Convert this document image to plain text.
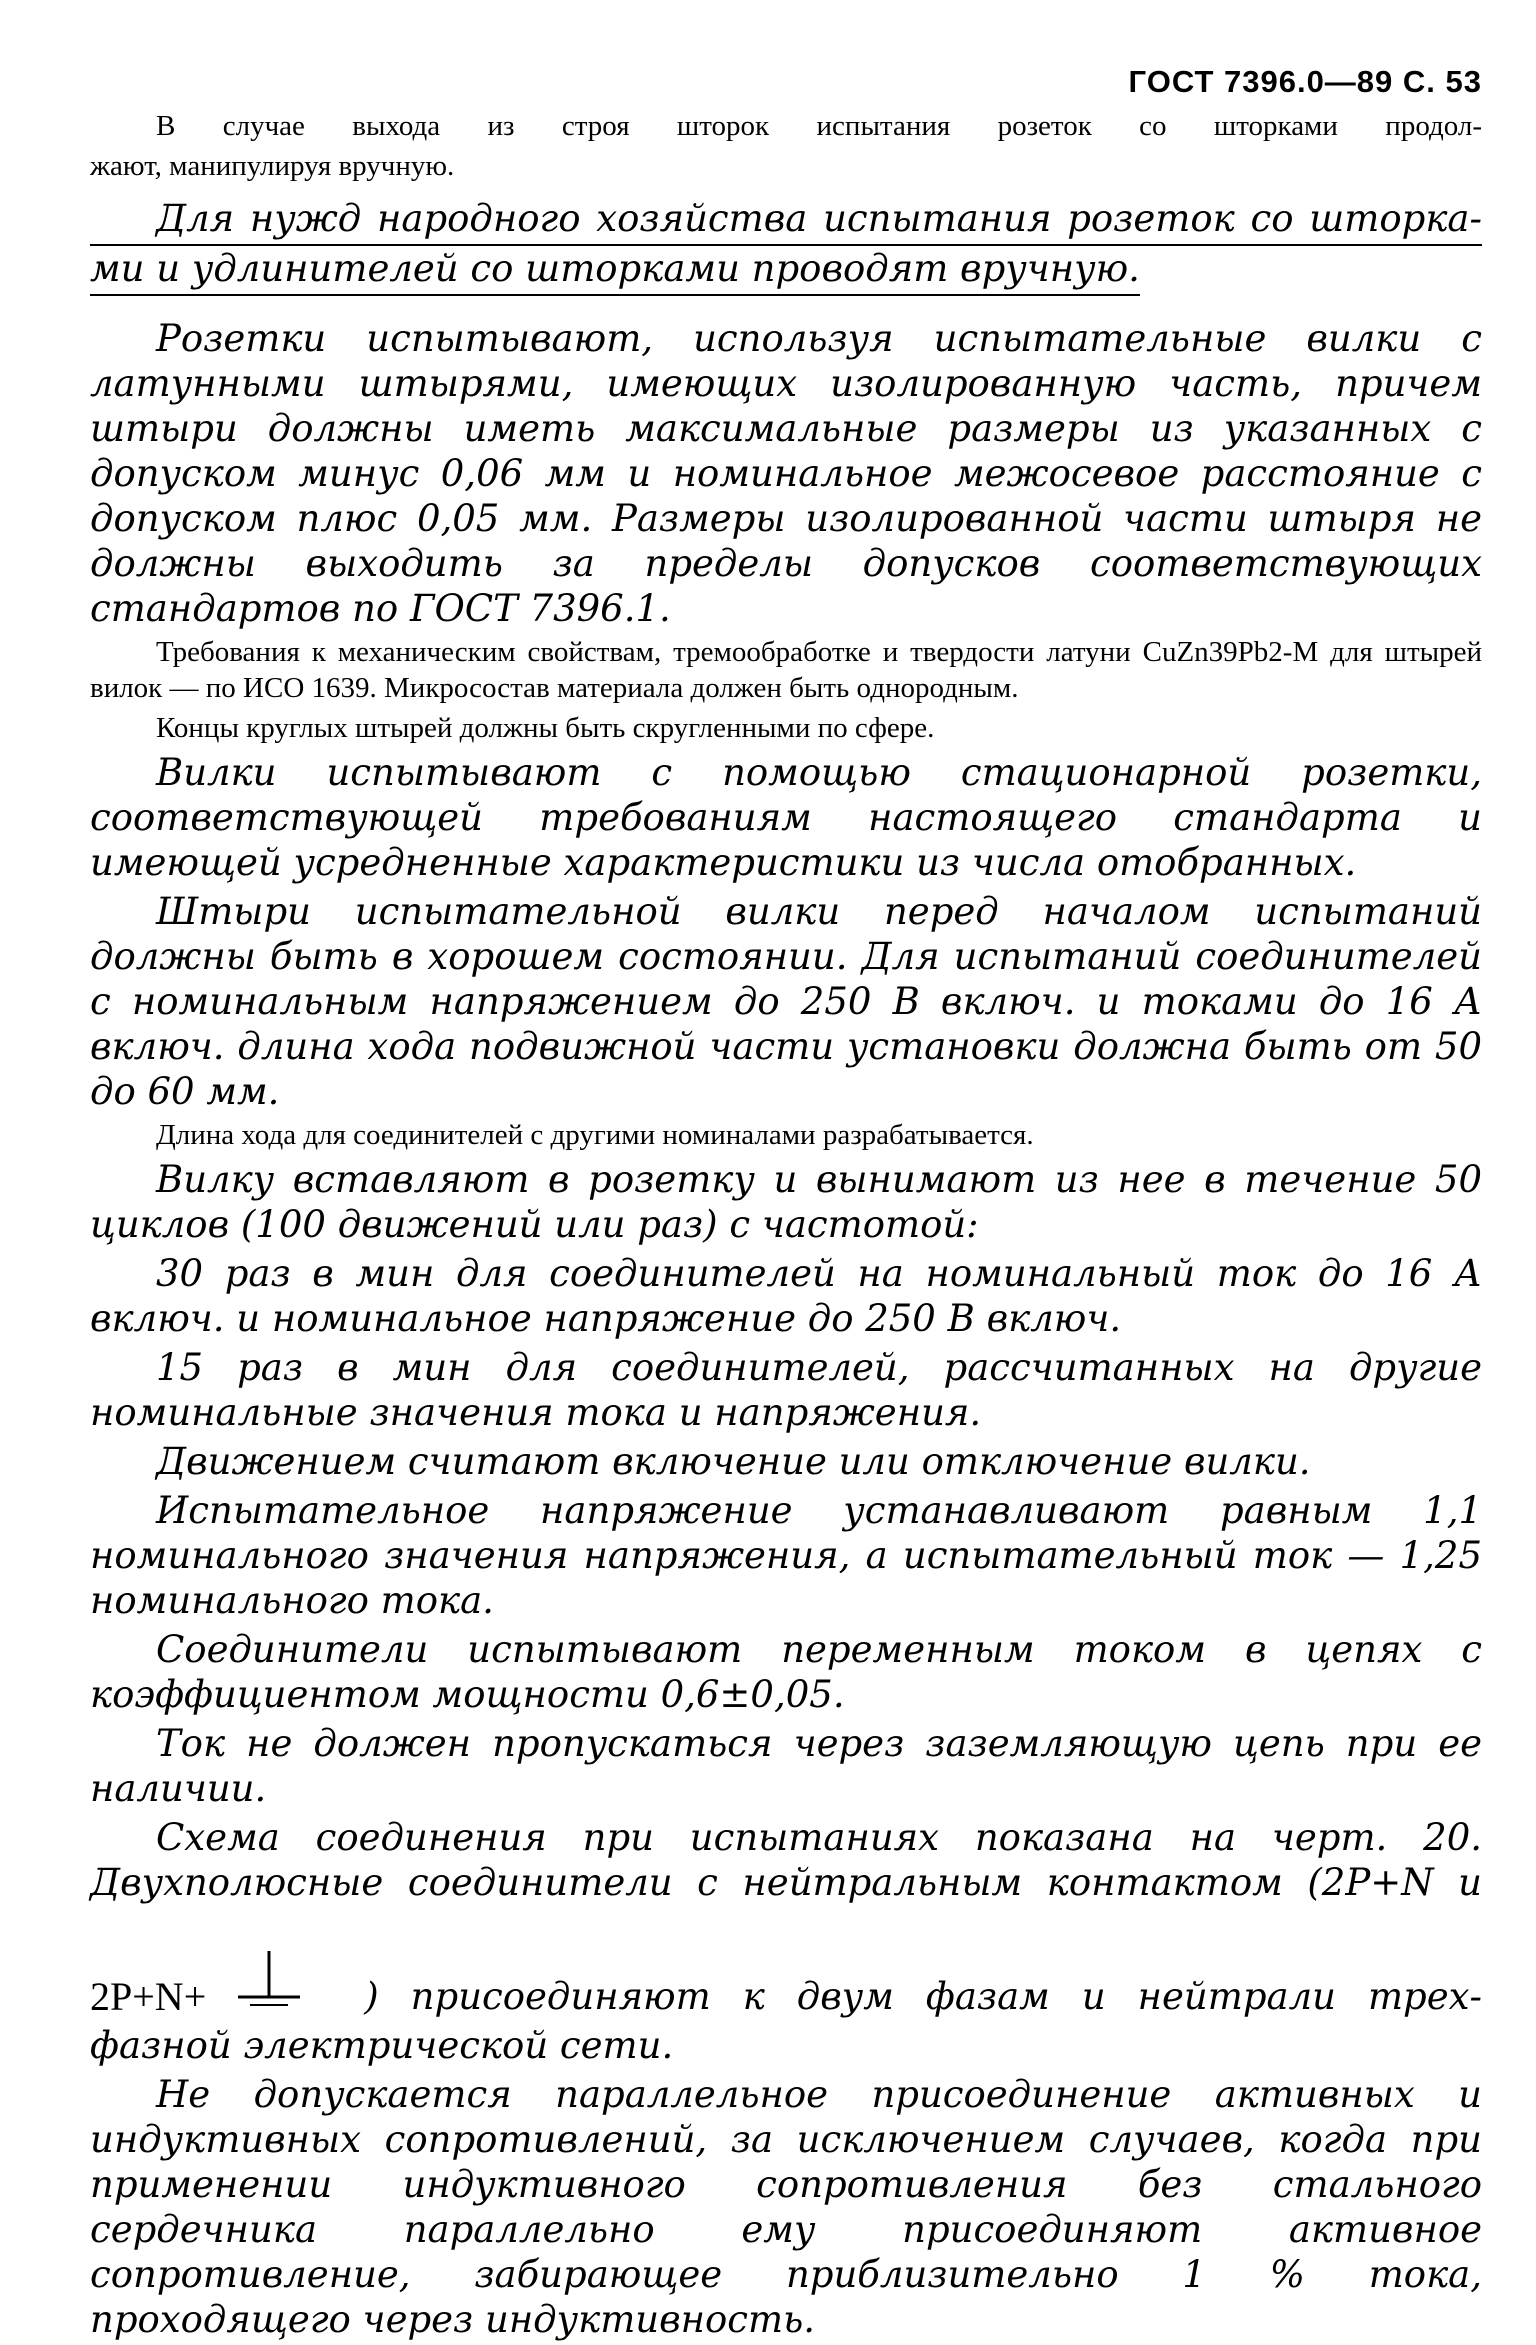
ГОСТ 7396.0—89 С. 53

В случае выхода из строя шторок испытания розеток со шторками продол-

жают, манипулируя вручную.

Для нужд народного хозяйства испытания розеток со шторка-
ми и удлинителей со шторками проводят вручную.

Розетки испытывают, используя испытательные вилки с латунными штырями, имеющих изолированную часть, причем штыри должны иметь максимальные размеры из указанных с допуском минус 0,06 мм и номинальное межосевое расстояние с допуском плюс 0,05 мм. Размеры изолированной части штыря не должны выходить за пределы допусков соответствующих стандартов по ГОСТ 7396.1.

Требования к механическим свойствам, тремообработке и твердости латуни CuZn39Pb2-M для штырей вилок — по ИСО 1639. Микросостав материала должен быть однородным.

Концы круглых штырей должны быть скругленными по сфере.

Вилки испытывают с помощью стационарной розетки, соответствующей требованиям настоящего стандарта и имеющей усредненные характеристики из числа отобранных.

Штыри испытательной вилки перед началом испытаний должны быть в хорошем состоянии. Для испытаний соединителей с номинальным напряжением до 250 В включ. и токами до 16 А включ. длина хода подвижной части установки должна быть от 50 до 60 мм.

Длина хода для соединителей с другими номиналами разрабатывается.

Вилку вставляют в розетку и вынимают из нее в течение 50 циклов (100 движений или раз) с частотой:

30 раз в мин для соединителей на номинальный ток до 16 А включ. и номинальное напряжение до 250 В включ.

15 раз в мин для соединителей, рассчитанных на другие номинальные значения тока и напряжения.

Движением считают включение или отключение вилки.

Испытательное напряжение устанавливают равным 1,1 номинального значения напряжения, а испытательный ток — 1,25 номинального тока.

Соединители испытывают переменным током в цепях с коэффициентом мощности 0,6±0,05.

Ток не должен пропускаться через заземляющую цепь при ее наличии.

Схема соединения при испытаниях показана на черт. 20. Двухполюсные соединители с нейтральным контактом (2P+N и

2P+N+	) присоединяют к двум фазам и нейтрали трех-

фазной электрической сети.

Не допускается параллельное присоединение активных и индуктивных сопротивлений, за исключением случаев, когда при применении индуктивного сопротивления без стального сердечника параллельно ему присоединяют активное сопротивление, забирающее приблизительно 1 % тока, проходящего через индуктивность.
